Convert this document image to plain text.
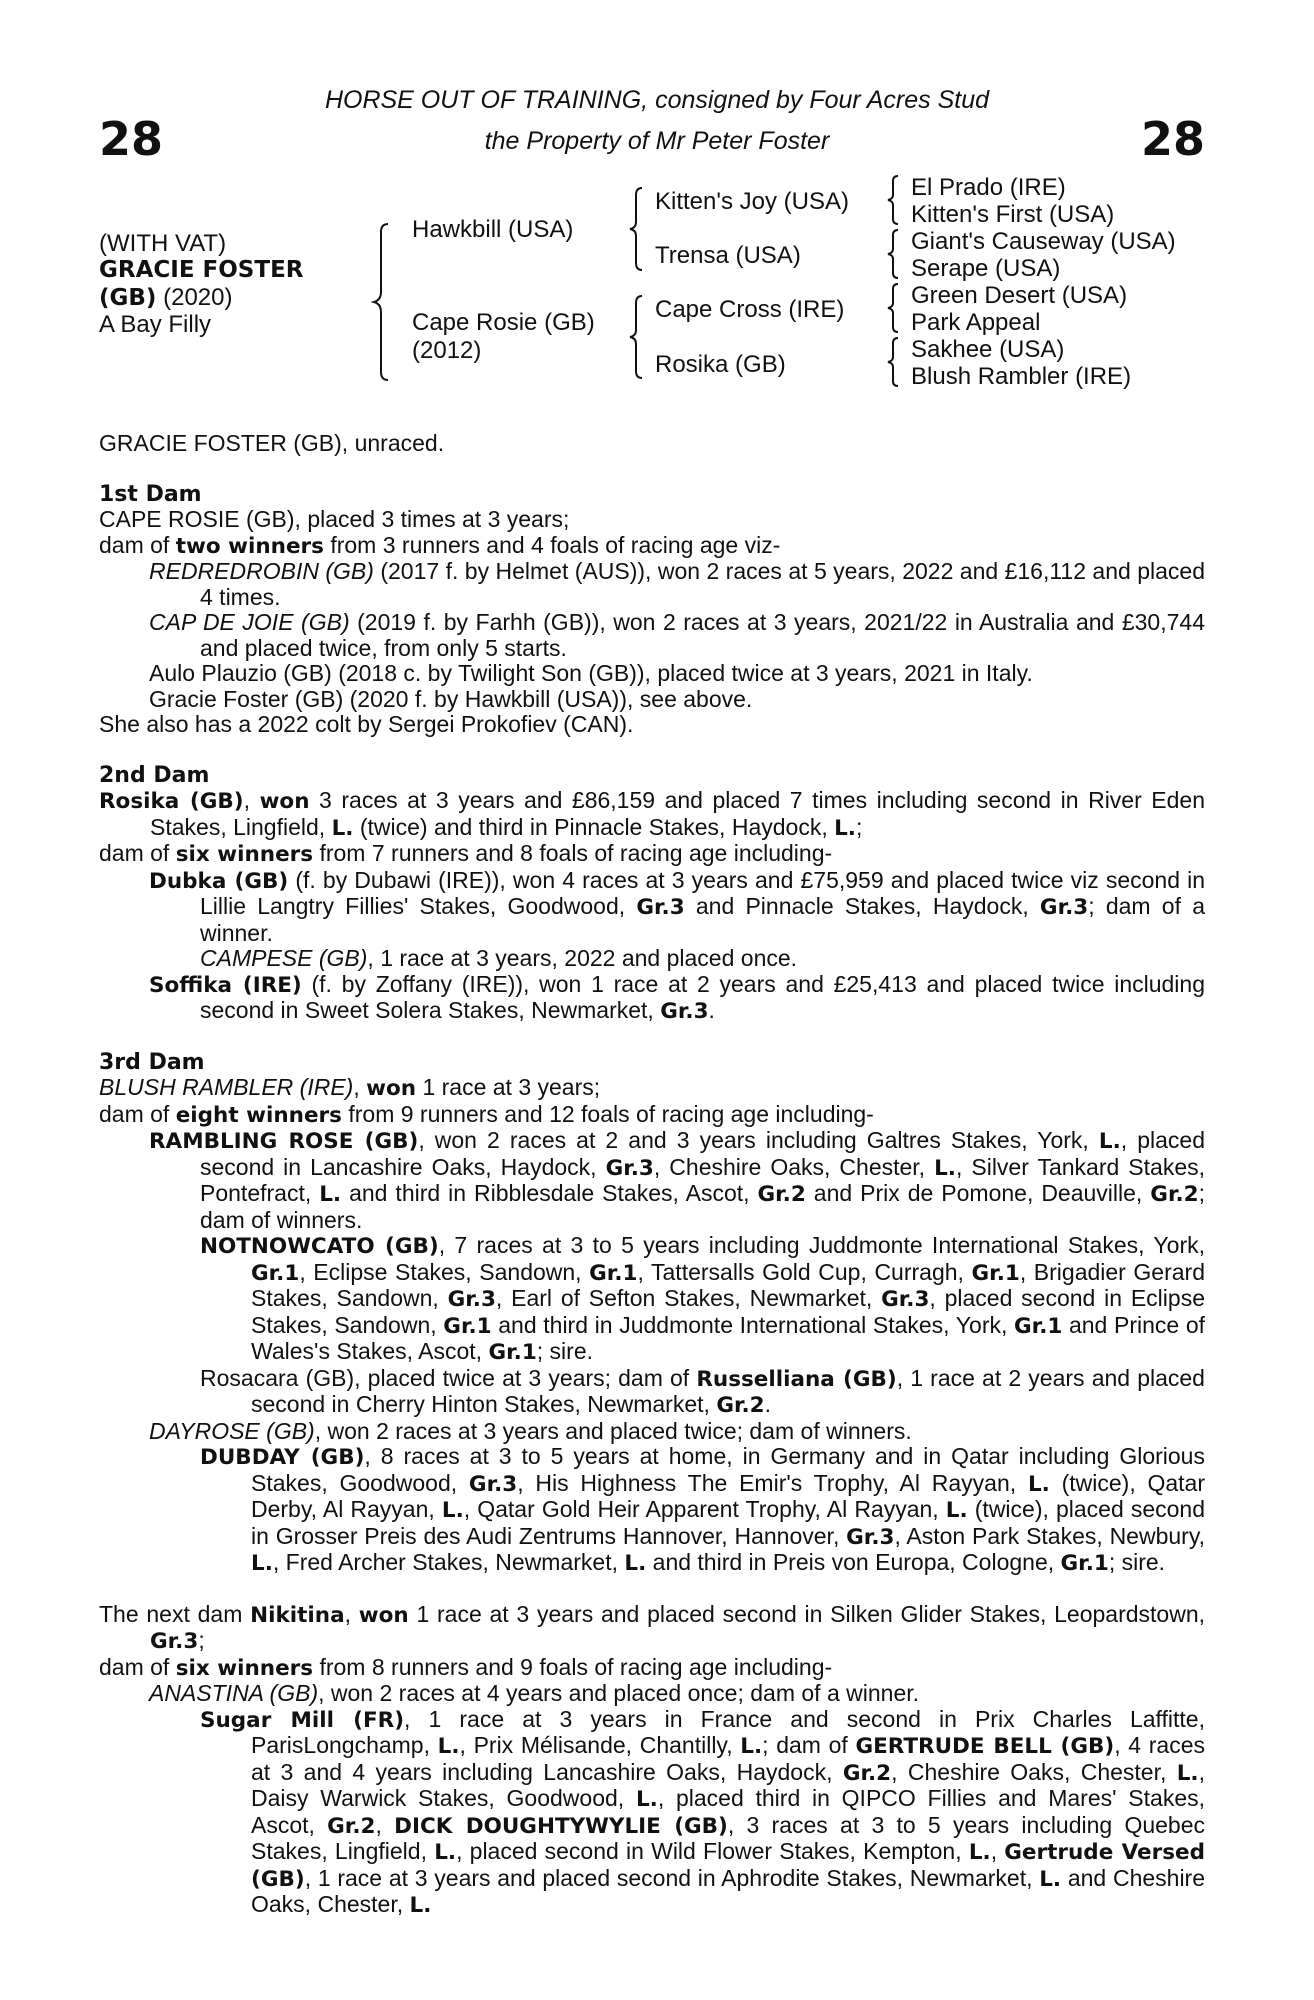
28	28
HORSE OUT OF TRAINING, consigned by Four Acres Stud
the Property of Mr Peter Foster
(WITH VAT)
GRACIE FOSTER
(GB) (2020)
A Bay Filly
Hawkbill (USA)
Cape Rosie (GB)
(2012)
Kitten's Joy (USA)
Trensa (USA)
Cape Cross (IRE)
Rosika (GB)
El Prado (IRE)
Kitten's First (USA)
Giant's Causeway (USA)
Serape (USA)
Green Desert (USA)
Park Appeal
Sakhee (USA)
Blush Rambler (IRE)

GRACIE FOSTER (GB), unraced.

1st Dam

CAPE ROSIE (GB), placed 3 times at 3 years;

dam of two winners from 3 runners and 4 foals of racing age viz-

REDREDROBIN (GB) (2017 f. by Helmet (AUS)), won 2 races at 5 years, 2022 and £16,112 and placed 4 times.

CAP DE JOIE (GB) (2019 f. by Farhh (GB)), won 2 races at 3 years, 2021/22 in Australia and £30,744 and placed twice, from only 5 starts.

Aulo Plauzio (GB) (2018 c. by Twilight Son (GB)), placed twice at 3 years, 2021 in Italy.

Gracie Foster (GB) (2020 f. by Hawkbill (USA)), see above.

She also has a 2022 colt by Sergei Prokofiev (CAN).

2nd Dam

Rosika (GB), won 3 races at 3 years and £86,159 and placed 7 times including second in River Eden Stakes, Lingfield, L. (twice) and third in Pinnacle Stakes, Haydock, L.;

dam of six winners from 7 runners and 8 foals of racing age including-

Dubka (GB) (f. by Dubawi (IRE)), won 4 races at 3 years and £75,959 and placed twice viz second in Lillie Langtry Fillies' Stakes, Goodwood, Gr.3 and Pinnacle Stakes, Haydock, Gr.3; dam of a winner.

CAMPESE (GB), 1 race at 3 years, 2022 and placed once.

Soffika (IRE) (f. by Zoffany (IRE)), won 1 race at 2 years and £25,413 and placed twice including second in Sweet Solera Stakes, Newmarket, Gr.3.

3rd Dam

BLUSH RAMBLER (IRE), won 1 race at 3 years;

dam of eight winners from 9 runners and 12 foals of racing age including-

RAMBLING ROSE (GB), won 2 races at 2 and 3 years including Galtres Stakes, York, L., placed second in Lancashire Oaks, Haydock, Gr.3, Cheshire Oaks, Chester, L., Silver Tankard Stakes, Pontefract, L. and third in Ribblesdale Stakes, Ascot, Gr.2 and Prix de Pomone, Deauville, Gr.2; dam of winners.

NOTNOWCATO (GB), 7 races at 3 to 5 years including Juddmonte International Stakes, York, Gr.1, Eclipse Stakes, Sandown, Gr.1, Tattersalls Gold Cup, Curragh, Gr.1, Brigadier Gerard Stakes, Sandown, Gr.3, Earl of Sefton Stakes, Newmarket, Gr.3, placed second in Eclipse Stakes, Sandown, Gr.1 and third in Juddmonte International Stakes, York, Gr.1 and Prince of Wales's Stakes, Ascot, Gr.1; sire.

Rosacara (GB), placed twice at 3 years; dam of Russelliana (GB), 1 race at 2 years and placed second in Cherry Hinton Stakes, Newmarket, Gr.2.

DAYROSE (GB), won 2 races at 3 years and placed twice; dam of winners.

DUBDAY (GB), 8 races at 3 to 5 years at home, in Germany and in Qatar including Glorious Stakes, Goodwood, Gr.3, His Highness The Emir's Trophy, Al Rayyan, L. (twice), Qatar Derby, Al Rayyan, L., Qatar Gold Heir Apparent Trophy, Al Rayyan, L. (twice), placed second in Grosser Preis des Audi Zentrums Hannover, Hannover, Gr.3, Aston Park Stakes, Newbury, L., Fred Archer Stakes, Newmarket, L. and third in Preis von Europa, Cologne, Gr.1; sire.

The next dam Nikitina, won 1 race at 3 years and placed second in Silken Glider Stakes, Leopardstown, Gr.3;

dam of six winners from 8 runners and 9 foals of racing age including-

ANASTINA (GB), won 2 races at 4 years and placed once; dam of a winner.

Sugar Mill (FR), 1 race at 3 years in France and second in Prix Charles Laffitte, ParisLongchamp, L., Prix Mélisande, Chantilly, L.; dam of GERTRUDE BELL (GB), 4 races at 3 and 4 years including Lancashire Oaks, Haydock, Gr.2, Cheshire Oaks, Chester, L., Daisy Warwick Stakes, Goodwood, L., placed third in QIPCO Fillies and Mares' Stakes, Ascot, Gr.2, DICK DOUGHTYWYLIE (GB), 3 races at 3 to 5 years including Quebec Stakes, Lingfield, L., placed second in Wild Flower Stakes, Kempton, L., Gertrude Versed (GB), 1 race at 3 years and placed second in Aphrodite Stakes, Newmarket, L. and Cheshire Oaks, Chester, L.
